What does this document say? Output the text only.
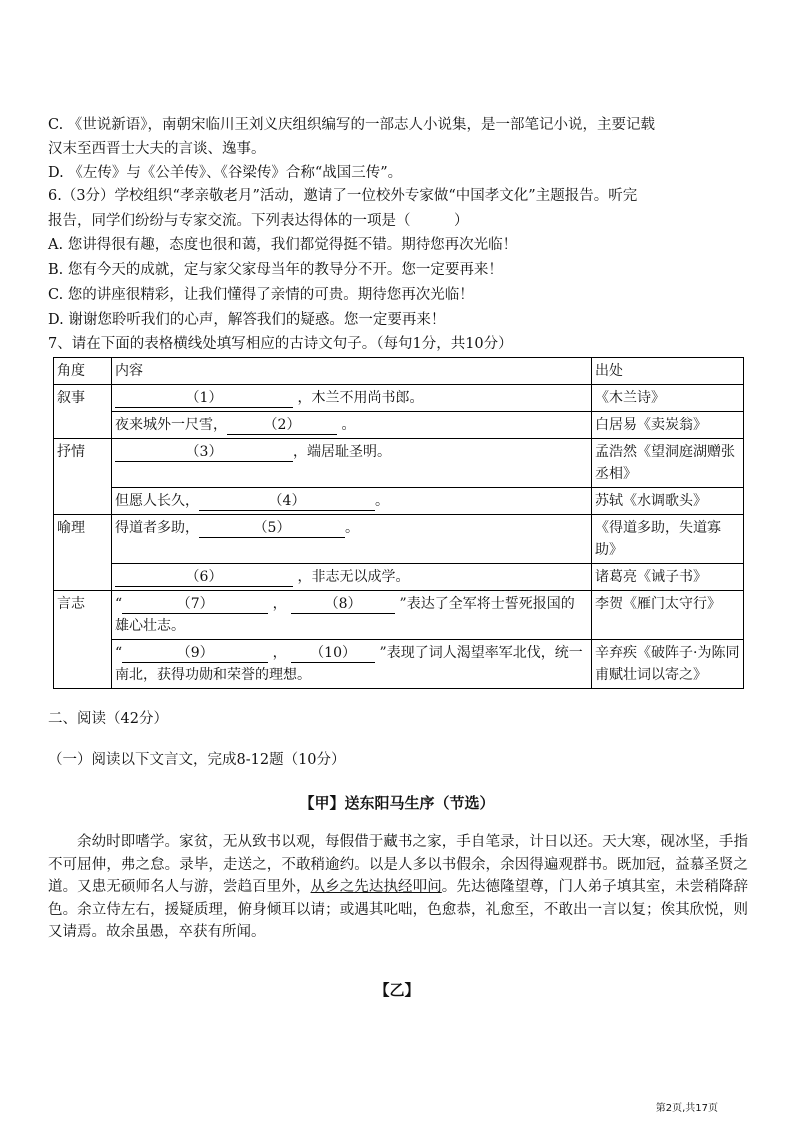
C. 《世说新语》，南朝宋临川王刘义庆组织编写的一部志人小说集，是一部笔记小说，主要记载
汉末至西晋士大夫的言谈、逸事。
D. 《左传》与《公羊传》、《谷梁传》合称“战国三传”。
6.（3分）学校组织“孝亲敬老月”活动，邀请了一位校外专家做“中国孝文化”主题报告。听完
报告，同学们纷纷与专家交流。下列表达得体的一项是（　　　）
A. 您讲得很有趣，态度也很和蔼，我们都觉得挺不错。期待您再次光临！
B. 您有今天的成就，定与家父家母当年的教导分不开。您一定要再来！
C. 您的讲座很精彩，让我们懂得了亲情的可贵。期待您再次光临！
D. 谢谢您聆听我们的心声，解答我们的疑惑。您一定要再来！
7、请在下面的表格横线处填写相应的古诗文句子。（每句1分，共10分）
角度	内容	出处
叙事	（1） ，木兰不用尚书郎。	《木兰诗》
	夜来城外一尺雪， （2） 。	白居易《卖炭翁》
抒情	（3） ，端居耻圣明。	孟浩然《望洞庭湖赠张丞相》
	但愿人长久， （4） 。	苏轼《水调歌头》
喻理	得道者多助， （5） 。	《得道多助，失道寡助》
	（6） ，非志无以成学。	诸葛亮《诫子书》
言志	“ （7） ， （8） ”表达了全军将士誓死报国的雄心壮志。	李贺《雁门太守行》
	“ （9） ， （10） ”表现了词人渴望率军北伐，统一南北，获得功勋和荣誉的理想。	辛弃疾《破阵子·为陈同甫赋壮词以寄之》
二、阅读（42分）
（一）阅读以下文言文，完成8-12题（10分）
【甲】送东阳马生序（节选）
余幼时即嗜学。家贫，无从致书以观，每假借于藏书之家，手自笔录，计日以还。天大寒，砚冰坚，手指不可屈伸，弗之怠。录毕，走送之，不敢稍逾约。以是人多以书假余，余因得遍观群书。既加冠，益慕圣贤之道。又患无硕师名人与游，尝趋百里外，从乡之先达执经叩问。先达德隆望尊，门人弟子填其室，未尝稍降辞色。余立侍左右，援疑质理，俯身倾耳以请；或遇其叱咄，色愈恭，礼愈至，不敢出一言以复；俟其欣悦，则又请焉。故余虽愚，卒获有所闻。
【乙】
第2页,共17页
